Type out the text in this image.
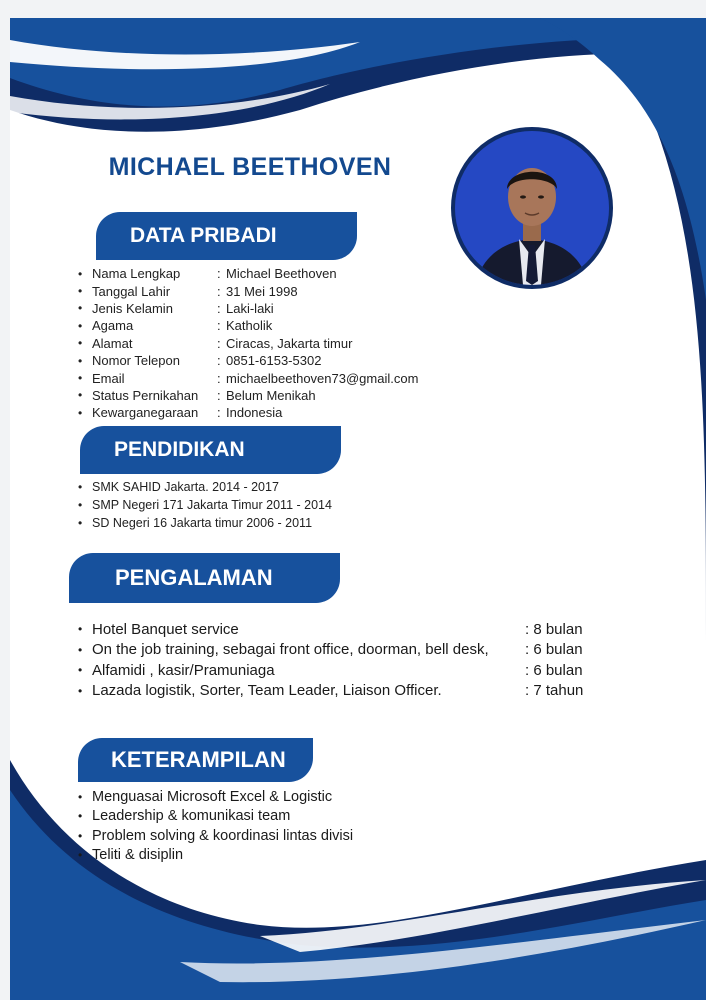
MICHAEL BEETHOVEN
DATA PRIBADI
• Nama Lengkap	: Michael Beethoven
• Tanggal Lahir	: 31 Mei 1998
• Jenis Kelamin	: Laki-laki
• Agama	: Katholik
• Alamat	: Ciracas, Jakarta timur
• Nomor Telepon	: 0851-6153-5302
• Email	: michaelbeethoven73@gmail.com
• Status Pernikahan	: Belum Menikah
• Kewarganegaraan	: Indonesia
PENDIDIKAN
• SMK SAHID Jakarta. 2014 - 2017
• SMP Negeri 171 Jakarta Timur 2011 - 2014
• SD Negeri 16 Jakarta timur 2006 - 2011
PENGALAMAN
• Hotel Banquet service	: 8 bulan
• On the job training, sebagai front office, doorman, bell desk,	: 6 bulan
• Alfamidi , kasir/Pramuniaga	: 6 bulan
• Lazada logistik, Sorter, Team Leader, Liaison Officer.	: 7 tahun
KETERAMPILAN
• Menguasai Microsoft Excel & Logistic
• Leadership & komunikasi team
• Problem solving & koordinasi lintas divisi
• Teliti & disiplin
